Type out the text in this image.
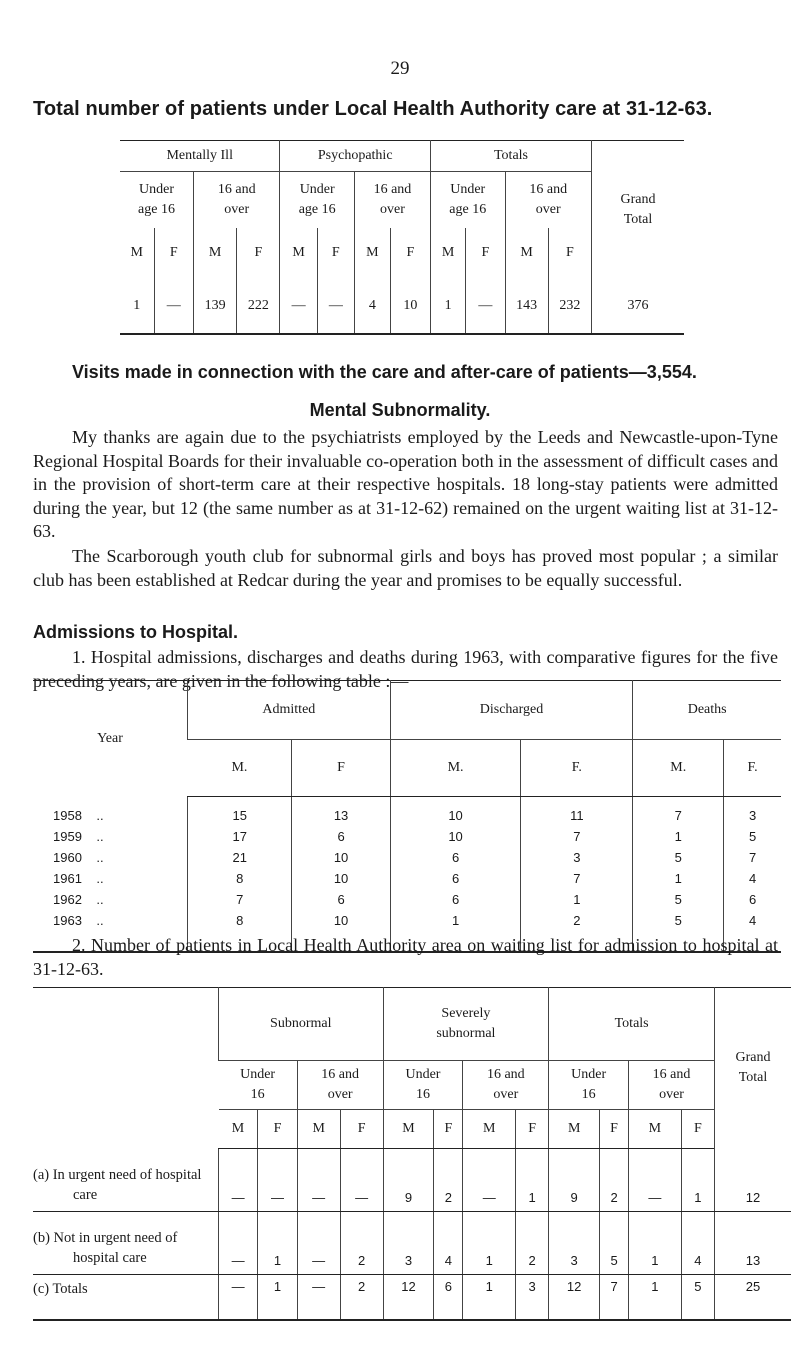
29
Total number of patients under Local Health Authority care at 31-12-63.
Mentally Ill				Psychopathic				Totals				Grand
Total
Under
age 16		16 and
over		Under
age 16		16 and
over		Under
age 16		16 and
over		
M	F	M	F	M	F	M	F	M	F	M	F	
1	—	139	222	—	—	4	10	1	—	143	232	376
Visits made in connection with the care and after-care of patients—3,554.
Mental Subnormality.
My thanks are again due to the psychiatrists employed by the Leeds and Newcastle-upon-Tyne Regional Hospital Boards for their invaluable co-operation both in the assessment of difficult cases and in the provision of short-term care at their respective hospitals. 18 long-stay patients were admitted during the year, but 12 (the same number as at 31-12-62) remained on the urgent waiting list at 31-12-63.
The Scarborough youth club for subnormal girls and boys has proved most popular ; a similar club has been established at Redcar during the year and promises to be equally successful.
Admissions to Hospital.
1. Hospital admissions, discharges and deaths during 1963, with comparative figures for the five preceding years, are given in the following table :—
Year	Admitted		Discharged		Deaths	
	M.	F	M.	F.	M.	F.
1958 ..	15	13	10	11	7	3
1959 ..	17	6	10	7	1	5
1960 ..	21	10	6	3	5	7
1961 ..	8	10	6	7	1	4
1962 ..	7	6	6	1	5	6
1963 ..	8	10	1	2	5	4
2. Number of patients in Local Health Authority area on waiting list for admission to hospital at 31-12-63.
	Subnormal				Severely
subnormal				Totals				Grand
Total
	Under
16		16 and
over		Under
16		16 and
over		Under
16		16 and
over		
	M	F	M	F	M	F	M	F	M	F	M	F	

(a) In urgent need of hospital care	—	—	—	—	9	2	—	1	9	2	—	1	12

(b) Not in urgent need of hospital care	—	1	—	2	3	4	1	2	3	5	1	4	13

(c) Totals	—	1	—	2	12	6	1	3	12	7	1	5	25
